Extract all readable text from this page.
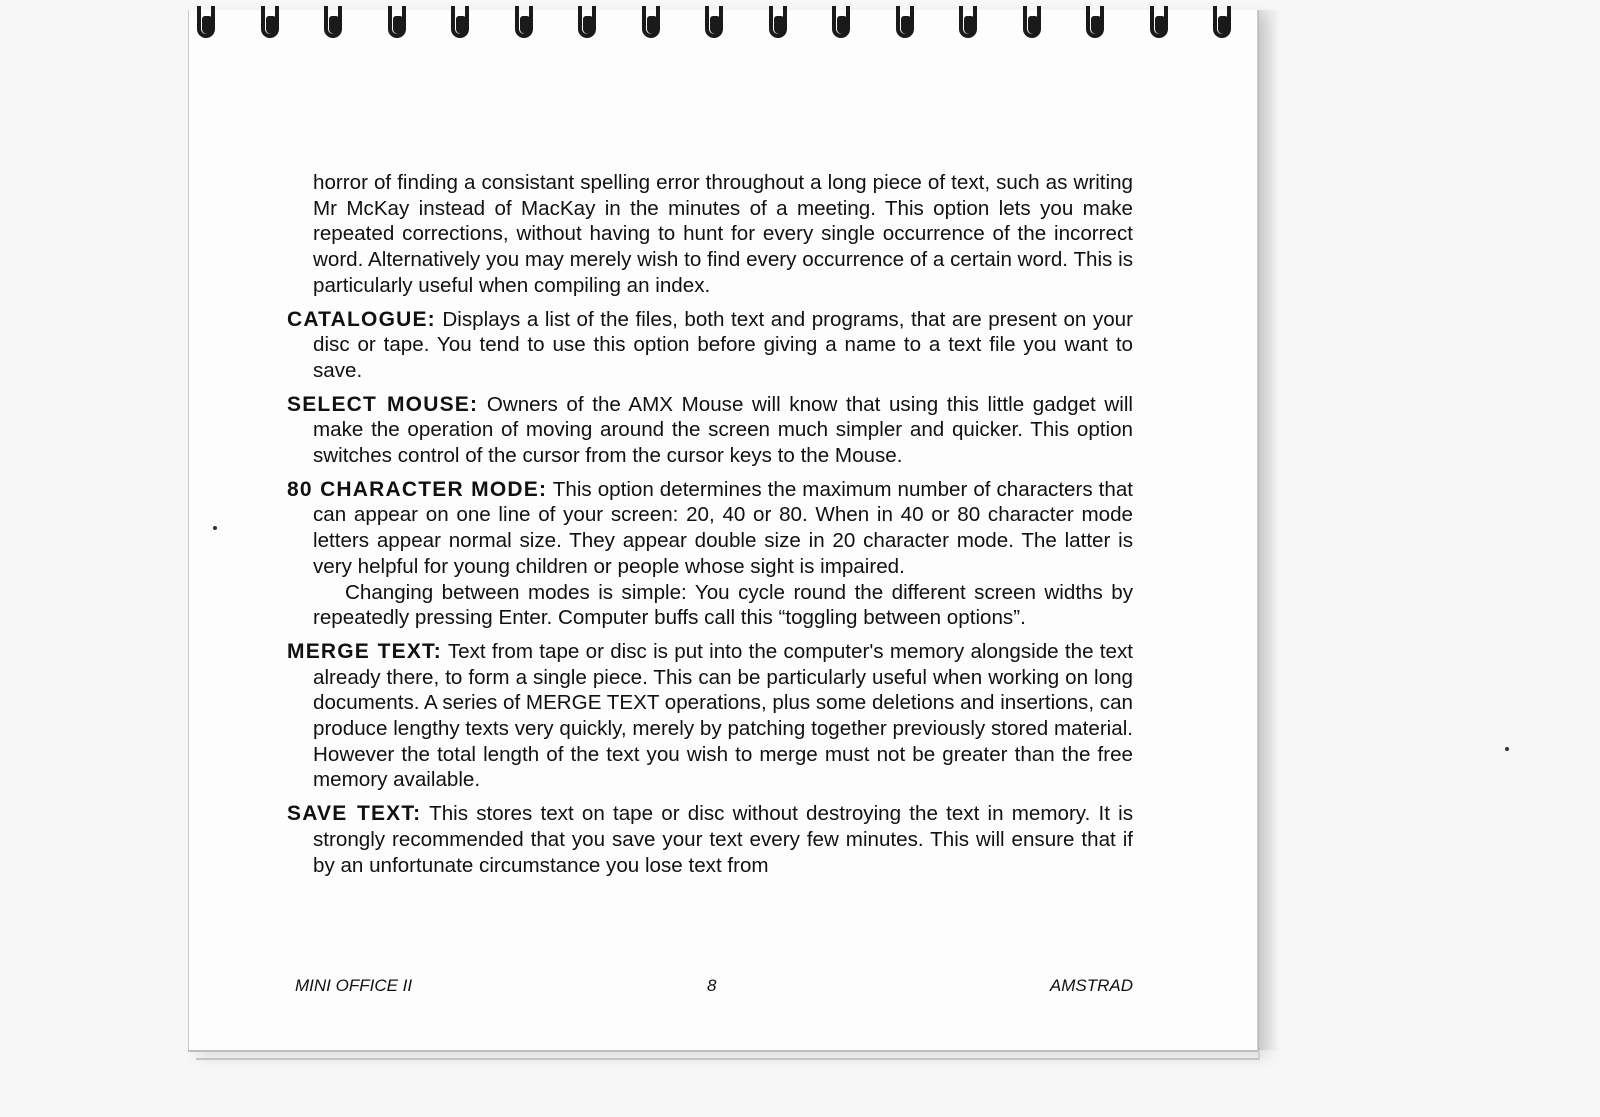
horror of finding a consistant spelling error throughout a long piece of text, such as writing Mr McKay instead of MacKay in the minutes of a meeting. This option lets you make repeated corrections, without having to hunt for every single occurrence of the incorrect word. Alternatively you may merely wish to find every occurrence of a certain word. This is particularly useful when compiling an index.

CATALOGUE: Displays a list of the files, both text and programs, that are present on your disc or tape. You tend to use this option before giving a name to a text file you want to save.

SELECT MOUSE: Owners of the AMX Mouse will know that using this little gadget will make the operation of moving around the screen much simpler and quicker. This option switches control of the cursor from the cursor keys to the Mouse.

80 CHARACTER MODE: This option determines the maximum number of characters that can appear on one line of your screen: 20, 40 or 80. When in 40 or 80 character mode letters appear normal size. They appear double size in 20 character mode. The latter is very helpful for young children or people whose sight is impaired.

Changing between modes is simple: You cycle round the different screen widths by repeatedly pressing Enter. Computer buffs call this “toggling between options”.

MERGE TEXT: Text from tape or disc is put into the computer's memory alongside the text already there, to form a single piece. This can be particularly useful when working on long documents. A series of MERGE TEXT operations, plus some deletions and insertions, can produce lengthy texts very quickly, merely by patching together previously stored material. However the total length of the text you wish to merge must not be greater than the free memory available.

SAVE TEXT: This stores text on tape or disc without destroying the text in memory. It is strongly recommended that you save your text every few minutes. This will ensure that if by an unfortunate circumstance you lose text from

MINI OFFICE II	8	AMSTRAD
